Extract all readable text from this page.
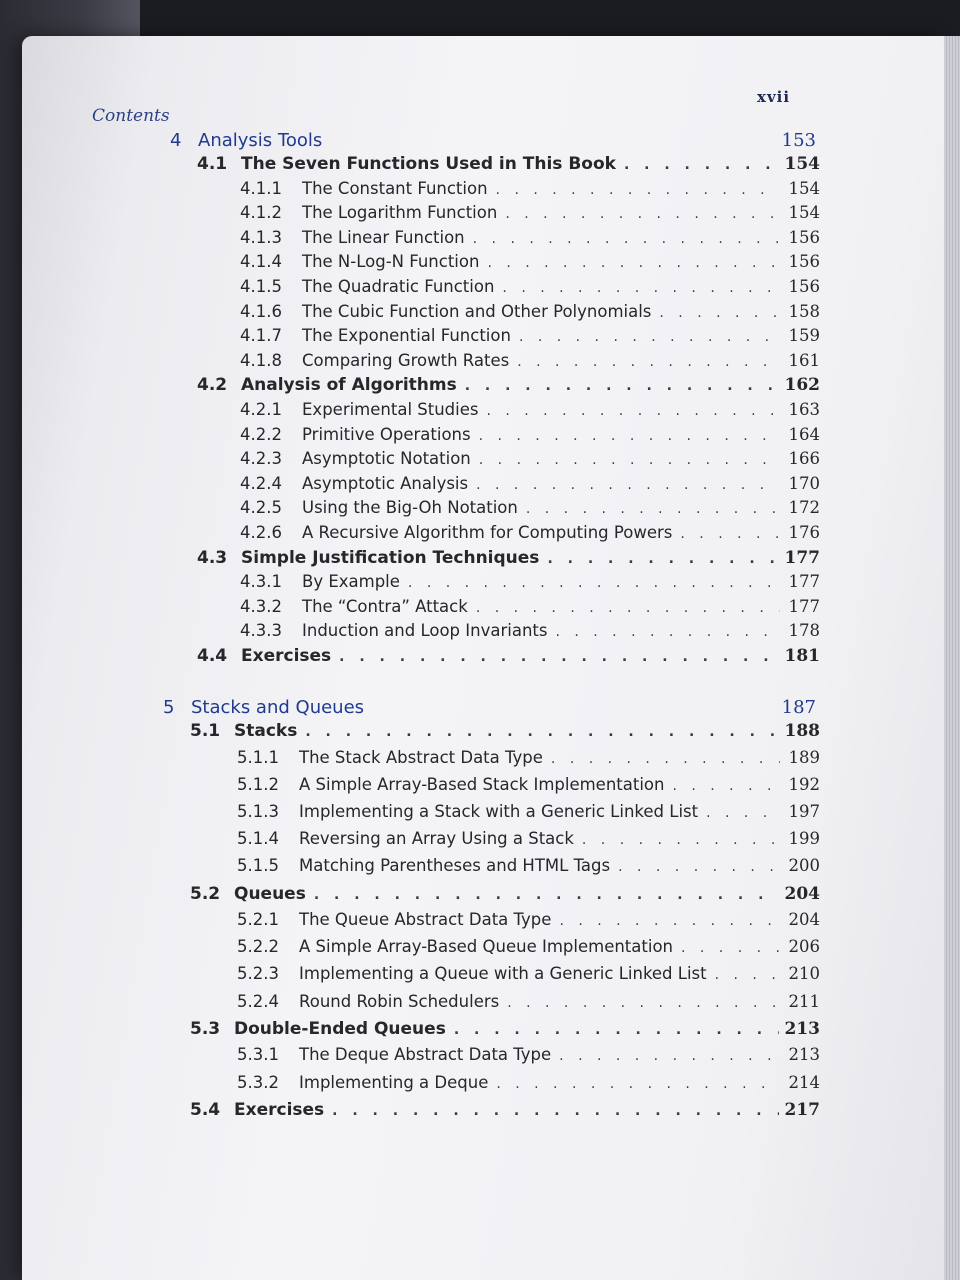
Contents
xvii
4 Analysis Tools	153
4.1 The Seven Functions Used in This Book . . .	154
4.1.1	The Constant Function . . .	154
4.1.2	The Logarithm Function . . .	154
4.1.3	The Linear Function . . .	156
4.1.4	The N-Log-N Function . . .	156
4.1.5	The Quadratic Function . . .	156
4.1.6	The Cubic Function and Other Polynomials . . .	158
4.1.7	The Exponential Function . . .	159
4.1.8	Comparing Growth Rates . . .	161
4.2 Analysis of Algorithms . . .	162
4.2.1	Experimental Studies . . .	163
4.2.2	Primitive Operations . . .	164
4.2.3	Asymptotic Notation . . .	166
4.2.4	Asymptotic Analysis . . .	170
4.2.5	Using the Big-Oh Notation . . .	172
4.2.6	A Recursive Algorithm for Computing Powers . . .	176
4.3 Simple Justification Techniques . . .	177
4.3.1	By Example . . .	177
4.3.2	The “Contra” Attack . . .	177
4.3.3	Induction and Loop Invariants . . .	178
4.4 Exercises . . .	181
5 Stacks and Queues	187
5.1 Stacks . . .	188
5.1.1	The Stack Abstract Data Type . . .	189
5.1.2	A Simple Array-Based Stack Implementation . . .	192
5.1.3	Implementing a Stack with a Generic Linked List . . .	197
5.1.4	Reversing an Array Using a Stack . . .	199
5.1.5	Matching Parentheses and HTML Tags . . .	200
5.2 Queues . . .	204
5.2.1	The Queue Abstract Data Type . . .	204
5.2.2	A Simple Array-Based Queue Implementation . . .	206
5.2.3	Implementing a Queue with a Generic Linked List . . .	210
5.2.4	Round Robin Schedulers . . .	211
5.3 Double-Ended Queues . . .	213
5.3.1	The Deque Abstract Data Type . . .	213
5.3.2	Implementing a Deque . . .	214
5.4 Exercises . . .	217
